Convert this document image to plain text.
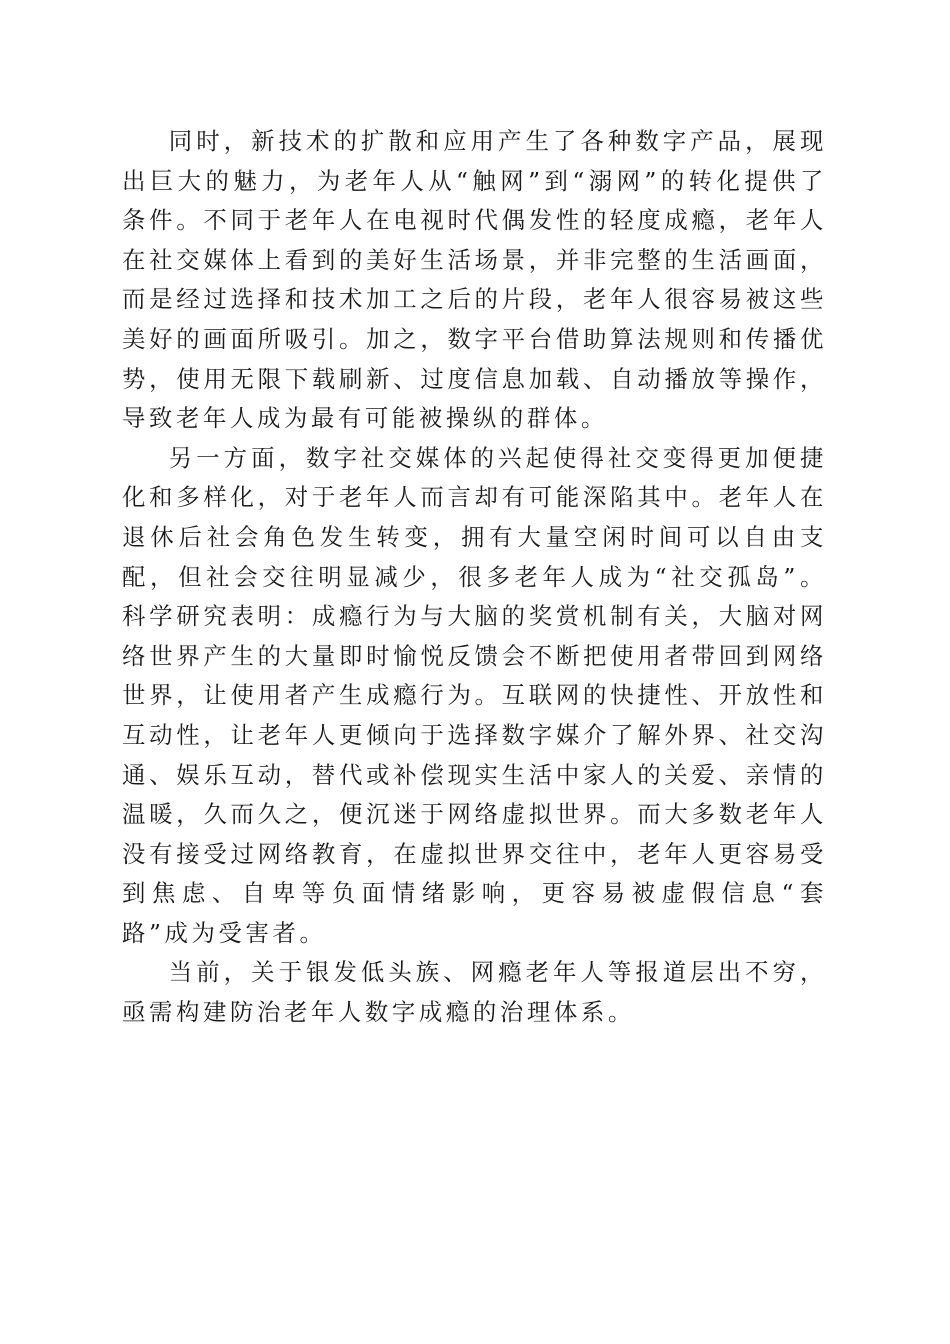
同时，新技术的扩散和应用产生了各种数字产品，展现出巨大的魅力，为老年人从“触网”到“溺网”的转化提供了条件。不同于老年人在电视时代偶发性的轻度成瘾，老年人在社交媒体上看到的美好生活场景，并非完整的生活画面，而是经过选择和技术加工之后的片段，老年人很容易被这些美好的画面所吸引。加之，数字平台借助算法规则和传播优势，使用无限下载刷新、过度信息加载、自动播放等操作，导致老年人成为最有可能被操纵的群体。

另一方面，数字社交媒体的兴起使得社交变得更加便捷化和多样化，对于老年人而言却有可能深陷其中。老年人在退休后社会角色发生转变，拥有大量空闲时间可以自由支配，但社会交往明显减少，很多老年人成为“社交孤岛”。科学研究表明：成瘾行为与大脑的奖赏机制有关，大脑对网络世界产生的大量即时愉悦反馈会不断把使用者带回到网络世界，让使用者产生成瘾行为。互联网的快捷性、开放性和互动性，让老年人更倾向于选择数字媒介了解外界、社交沟通、娱乐互动，替代或补偿现实生活中家人的关爱、亲情的温暖，久而久之，便沉迷于网络虚拟世界。而大多数老年人没有接受过网络教育，在虚拟世界交往中，老年人更容易受到焦虑、自卑等负面情绪影响，更容易被虚假信息“套路”成为受害者。

当前，关于银发低头族、网瘾老年人等报道层出不穷，亟需构建防治老年人数字成瘾的治理体系。
